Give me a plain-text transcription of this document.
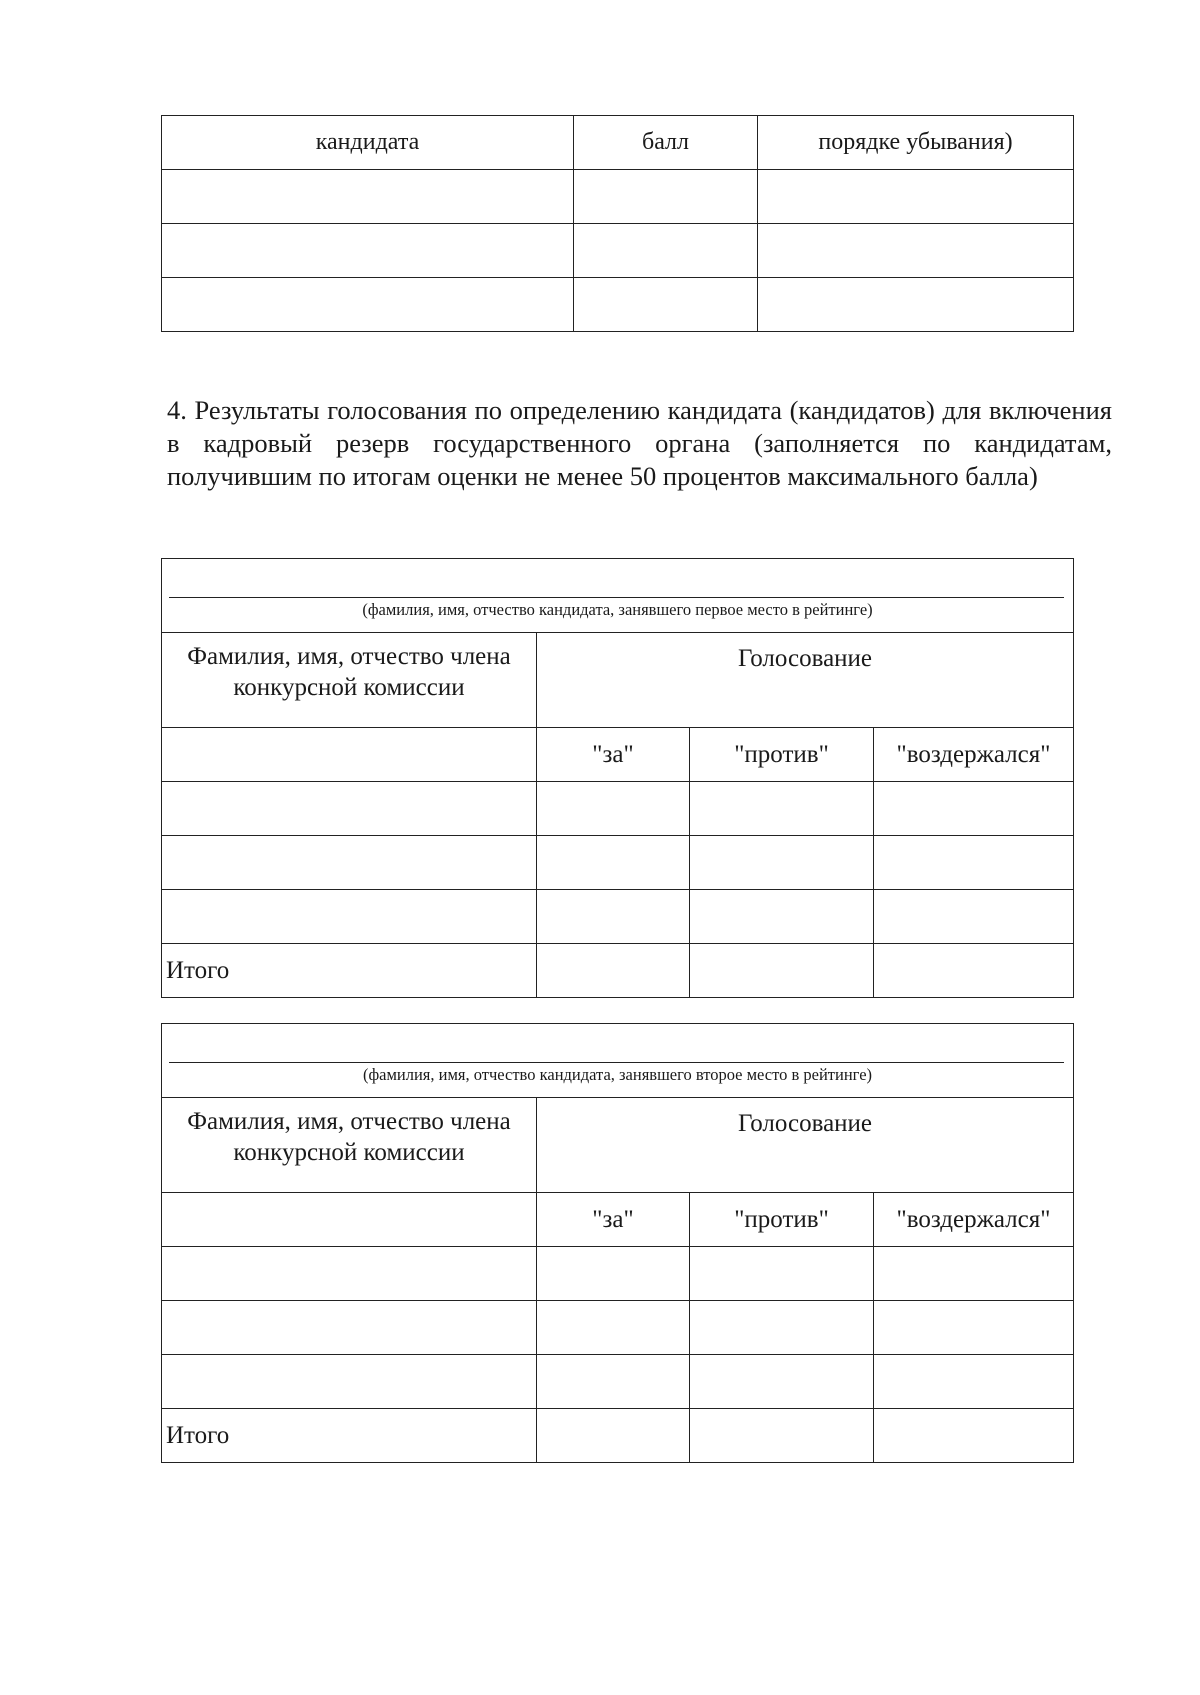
кандидата	балл	порядке убывания)

4. Результаты голосования по определению кандидата (кандидатов) для включения в кадровый резерв государственного органа (заполняется по кандидатам, получившим по итогам оценки не менее 50 процентов максимального балла)
(фамилия, имя, отчество кандидата, занявшего первое место в рейтинге)			

Фамилия, имя, отчество члена конкурсной комиссии	Голосование		
	"за"	"против"	"воздержался"

Итого			
(фамилия, имя, отчество кандидата, занявшего второе место в рейтинге)			

Фамилия, имя, отчество члена конкурсной комиссии	Голосование		
	"за"	"против"	"воздержался"

Итого			
